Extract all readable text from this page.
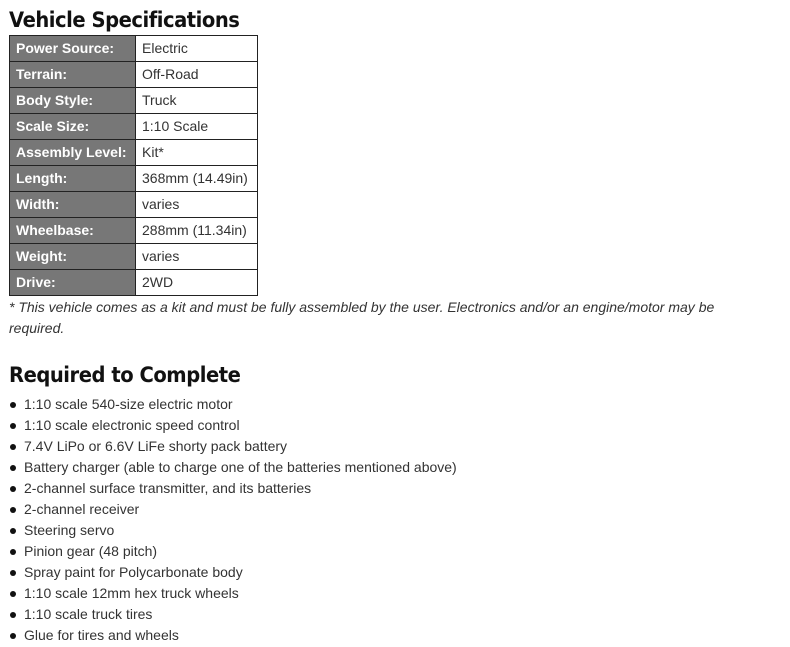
Vehicle Specifications
Power Source:	Electric
Terrain:	Off-Road
Body Style:	Truck
Scale Size:	1:10 Scale
Assembly Level:	Kit*
Length:	368mm (14.49in)
Width:	varies
Wheelbase:	288mm (11.34in)
Weight:	varies
Drive:	2WD
* This vehicle comes as a kit and must be fully assembled by the user. Electronics and/or an engine/motor may be required.
Required to Complete
1:10 scale 540-size electric motor
1:10 scale electronic speed control
7.4V LiPo or 6.6V LiFe shorty pack battery
Battery charger (able to charge one of the batteries mentioned above)
2-channel surface transmitter, and its batteries
2-channel receiver
Steering servo
Pinion gear (48 pitch)
Spray paint for Polycarbonate body
1:10 scale 12mm hex truck wheels
1:10 scale truck tires
Glue for tires and wheels
